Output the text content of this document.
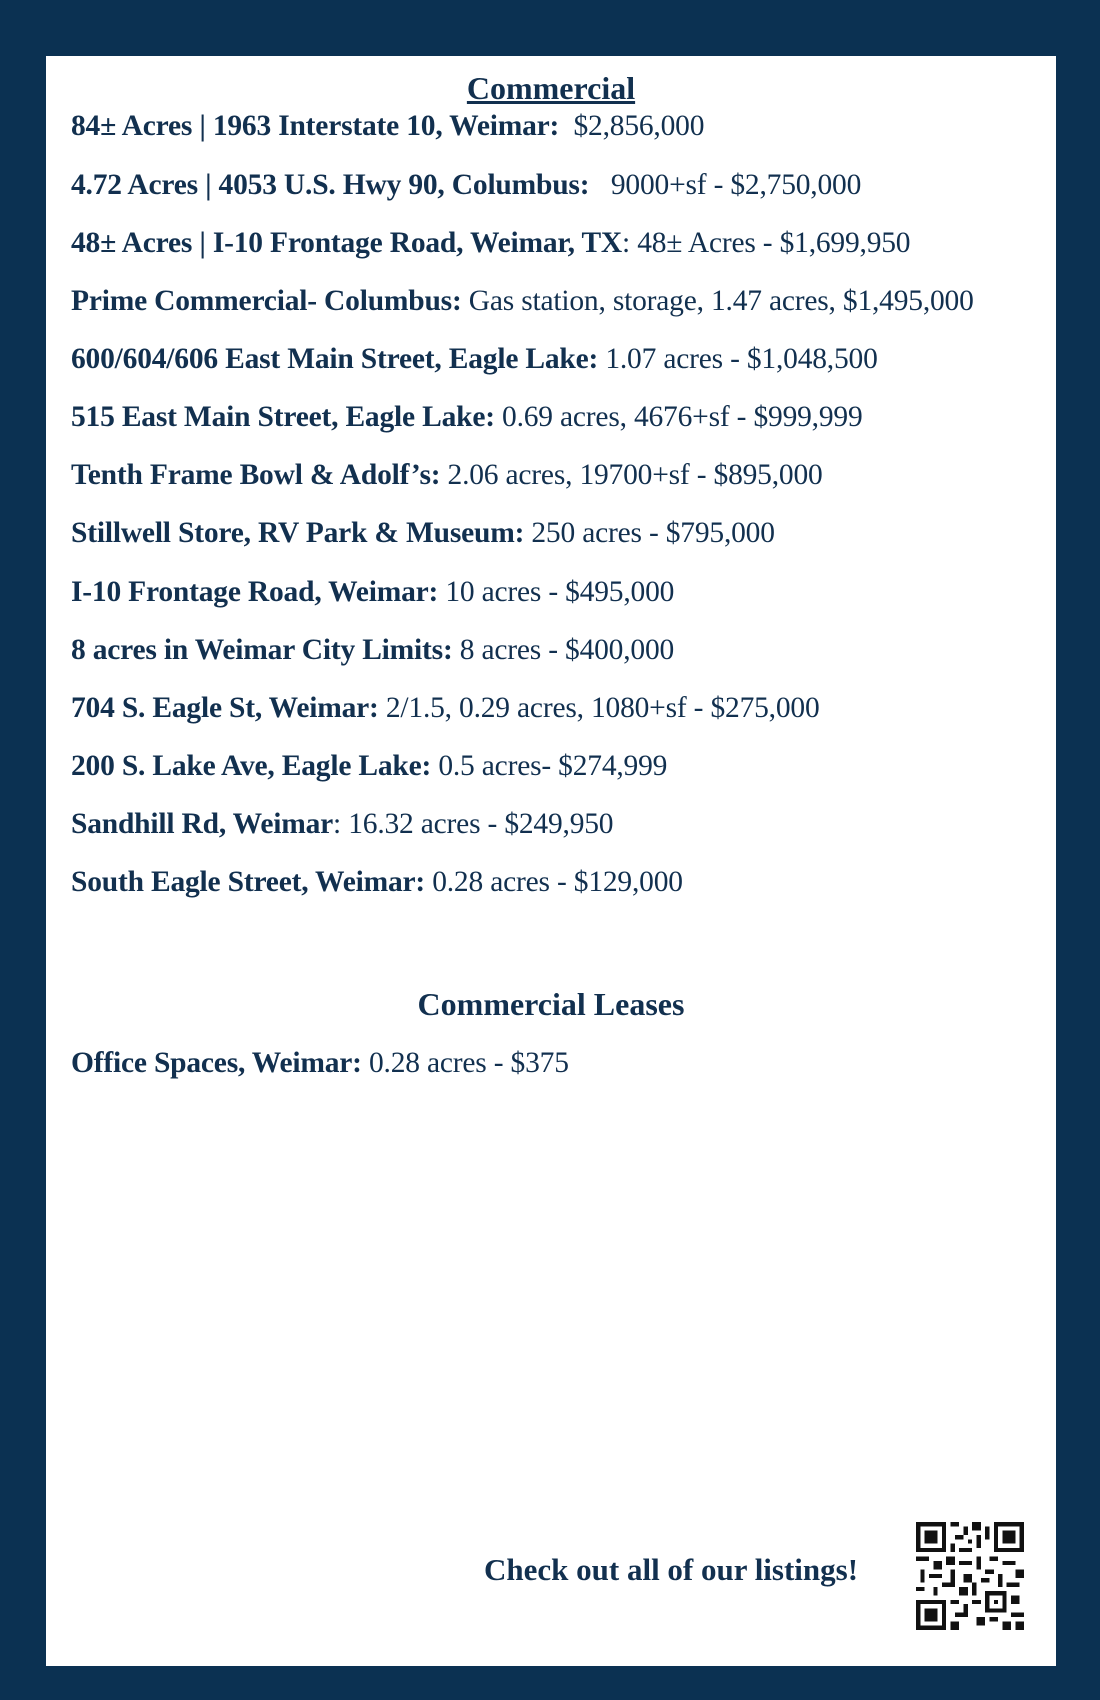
Commercial
84± Acres | 1963 Interstate 10, Weimar:  $2,856,000
4.72 Acres | 4053 U.S. Hwy 90, Columbus:   9000+sf - $2,750,000
48± Acres | I-10 Frontage Road, Weimar, TX: 48± Acres - $1,699,950
Prime Commercial- Columbus: Gas station, storage, 1.47 acres, $1,495,000
600/604/606 East Main Street, Eagle Lake: 1.07 acres - $1,048,500
515 East Main Street, Eagle Lake: 0.69 acres, 4676+sf - $999,999
Tenth Frame Bowl & Adolf’s: 2.06 acres, 19700+sf - $895,000
Stillwell Store, RV Park & Museum: 250 acres - $795,000
I-10 Frontage Road, Weimar: 10 acres - $495,000
8 acres in Weimar City Limits: 8 acres - $400,000
704 S. Eagle St, Weimar: 2/1.5, 0.29 acres, 1080+sf - $275,000
200 S. Lake Ave, Eagle Lake: 0.5 acres- $274,999
Sandhill Rd, Weimar: 16.32 acres - $249,950
South Eagle Street, Weimar: 0.28 acres - $129,000
Commercial Leases
Office Spaces, Weimar: 0.28 acres - $375
Check out all of our listings!
